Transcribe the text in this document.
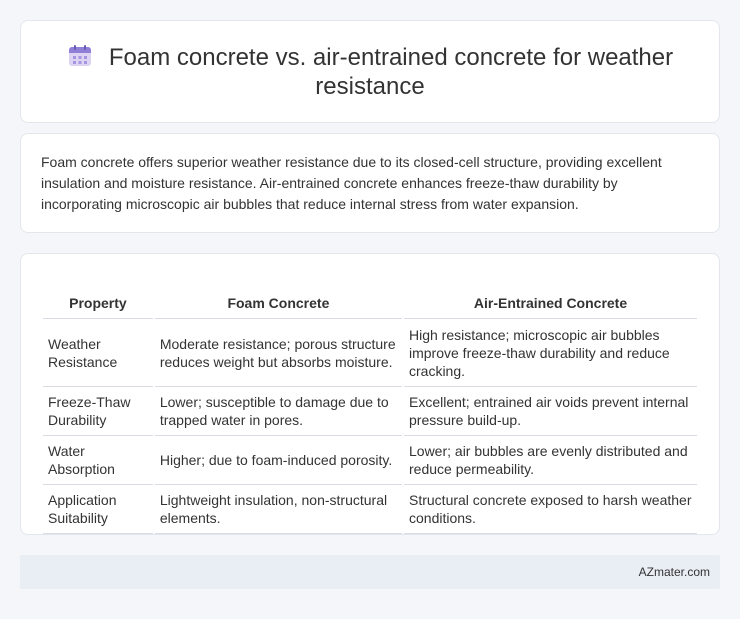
Foam concrete vs. air-entrained concrete for weather resistance

Foam concrete offers superior weather resistance due to its closed-cell structure, providing excellent insulation and moisture resistance. Air-entrained concrete enhances freeze-thaw durability by incorporating microscopic air bubbles that reduce internal stress from water expansion.

Property	Foam Concrete	Air-Entrained Concrete
Weather Resistance	Moderate resistance; porous structure reduces weight but absorbs moisture.	High resistance; microscopic air bubbles improve freeze-thaw durability and reduce cracking.
Freeze-Thaw Durability	Lower; susceptible to damage due to trapped water in pores.	Excellent; entrained air voids prevent internal pressure build-up.
Water Absorption	Higher; due to foam-induced porosity.	Lower; air bubbles are evenly distributed and reduce permeability.
Application Suitability	Lightweight insulation, non-structural elements.	Structural concrete exposed to harsh weather conditions.
AZmater.com
